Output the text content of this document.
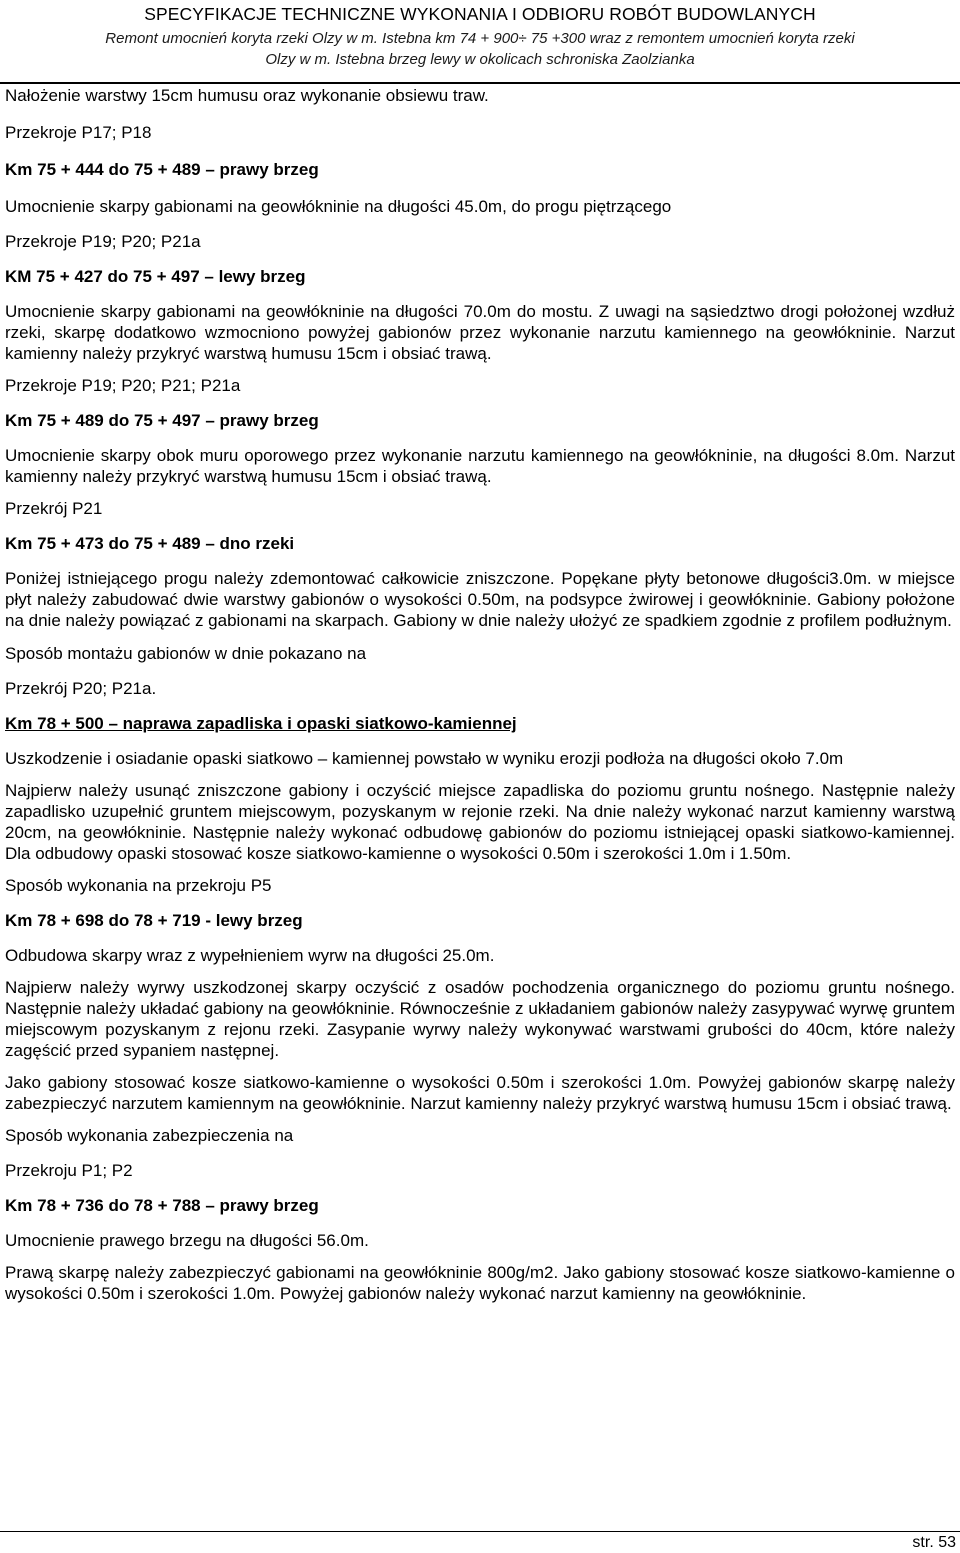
SPECYFIKACJE TECHNICZNE WYKONANIA I ODBIORU ROBÓT BUDOWLANYCH
Remont umocnień koryta rzeki Olzy w m. Istebna km 74 + 900÷ 75 +300 wraz z remontem umocnień koryta rzeki
Olzy w m. Istebna brzeg lewy w okolicach schroniska Zaolzianka

Nałożenie warstwy 15cm humusu oraz wykonanie obsiewu traw.

Przekroje P17; P18

Km 75 + 444 do 75 + 489 – prawy brzeg

Umocnienie skarpy gabionami na geowłókninie na długości 45.0m, do progu piętrzącego

Przekroje P19; P20; P21a

KM 75 + 427 do 75 + 497 – lewy brzeg

Umocnienie skarpy gabionami na geowłókninie na długości 70.0m do mostu. Z uwagi na sąsiedztwo drogi położonej wzdłuż rzeki, skarpę dodatkowo wzmocniono powyżej gabionów przez wykonanie narzutu kamiennego na geowłókninie. Narzut kamienny należy przykryć warstwą humusu 15cm i obsiać trawą.

Przekroje P19; P20; P21; P21a

Km 75 + 489 do 75 + 497 – prawy brzeg

Umocnienie skarpy obok muru oporowego przez wykonanie narzutu kamiennego na geowłókninie, na długości 8.0m. Narzut kamienny należy przykryć warstwą humusu 15cm i obsiać trawą.

Przekrój P21

Km 75 + 473 do 75 + 489 – dno rzeki

Poniżej istniejącego progu należy zdemontować całkowicie zniszczone. Popękane płyty betonowe długości3.0m. w miejsce płyt należy zabudować dwie warstwy gabionów o wysokości 0.50m, na podsypce żwirowej i geowłókninie. Gabiony położone na dnie należy powiązać z gabionami na skarpach. Gabiony w dnie należy ułożyć ze spadkiem zgodnie z profilem podłużnym.

Sposób montażu gabionów w dnie pokazano na

Przekrój P20; P21a.

Km 78 + 500 – naprawa zapadliska i opaski siatkowo-kamiennej

Uszkodzenie i osiadanie opaski siatkowo – kamiennej powstało w wyniku erozji podłoża na długości około 7.0m

Najpierw należy usunąć zniszczone gabiony i oczyścić miejsce zapadliska do poziomu gruntu nośnego. Następnie należy zapadlisko uzupełnić gruntem miejscowym, pozyskanym w rejonie rzeki. Na dnie należy wykonać narzut kamienny warstwą 20cm, na geowłókninie. Następnie należy wykonać odbudowę gabionów do poziomu istniejącej opaski siatkowo-kamiennej. Dla odbudowy opaski stosować kosze siatkowo-kamienne o wysokości 0.50m i szerokości 1.0m i 1.50m.

Sposób wykonania na przekroju P5

Km 78 + 698 do 78 + 719 - lewy brzeg

Odbudowa skarpy wraz z wypełnieniem wyrw na długości 25.0m.

Najpierw należy wyrwy uszkodzonej skarpy oczyścić z osadów pochodzenia organicznego do poziomu gruntu nośnego. Następnie należy układać gabiony na geowłókninie. Równocześnie z układaniem gabionów należy zasypywać wyrwę gruntem miejscowym pozyskanym z rejonu rzeki. Zasypanie wyrwy należy wykonywać warstwami grubości do 40cm, które należy zagęścić przed sypaniem następnej.

Jako gabiony stosować kosze siatkowo-kamienne o wysokości 0.50m i szerokości 1.0m. Powyżej gabionów skarpę należy zabezpieczyć narzutem kamiennym na geowłókninie. Narzut kamienny należy przykryć warstwą humusu 15cm i obsiać trawą.

Sposób wykonania zabezpieczenia na

Przekroju P1; P2

Km 78 + 736 do 78 + 788 – prawy brzeg

Umocnienie prawego brzegu na długości 56.0m.

Prawą skarpę należy zabezpieczyć gabionami na geowłókninie 800g/m2. Jako gabiony stosować kosze siatkowo-kamienne o wysokości 0.50m i szerokości 1.0m. Powyżej gabionów należy wykonać narzut kamienny na geowłókninie.

str. 53
